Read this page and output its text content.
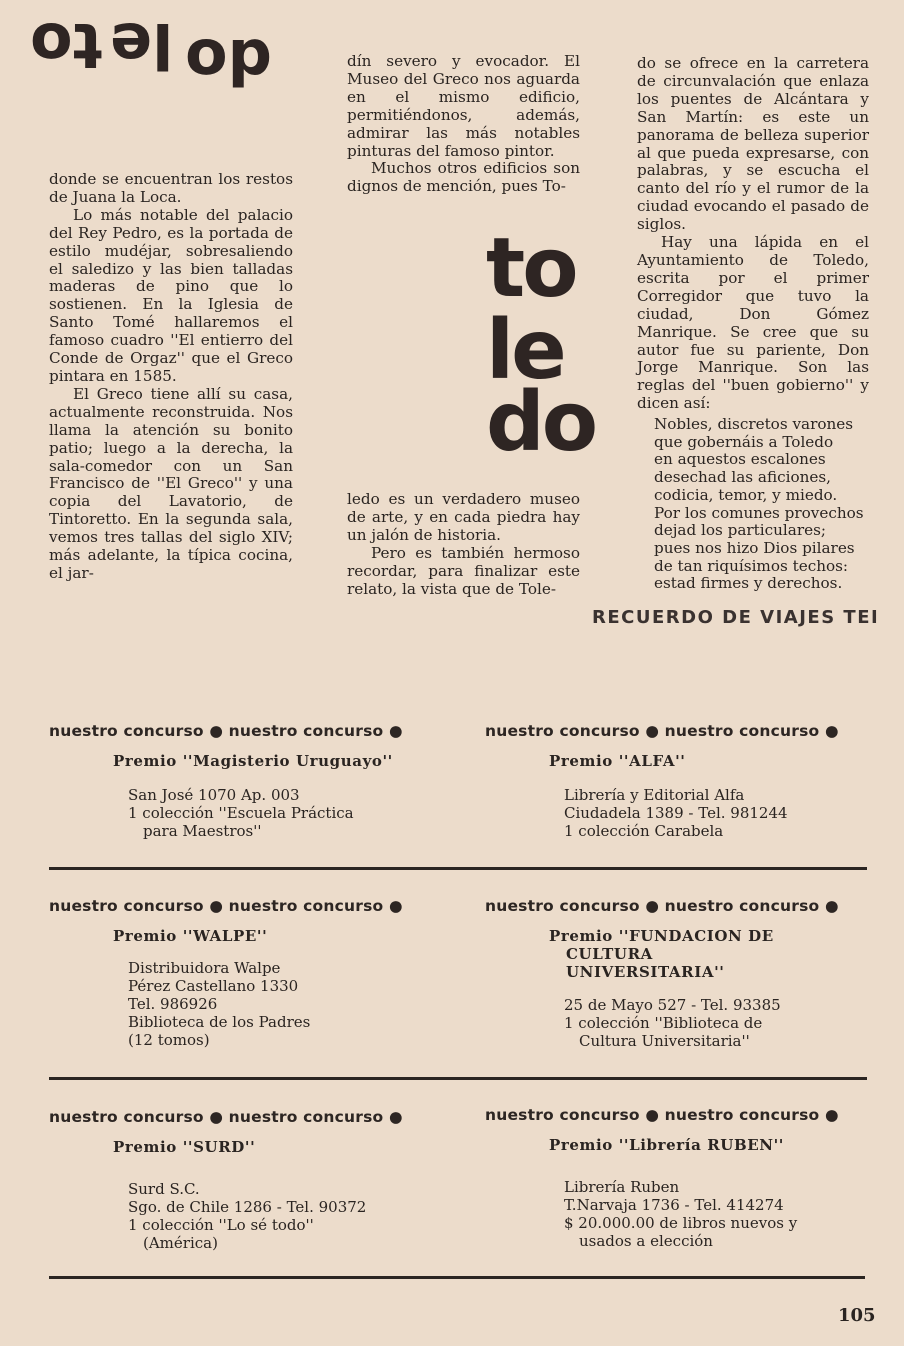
to le do

donde se encuentran los restos de Juana la Loca.

Lo más notable del palacio del Rey Pedro, es la portada de estilo mudéjar, sobresaliendo el saledizo y las bien talladas maderas de pino que lo sostienen. En la Iglesia de Santo Tomé hallaremos el famoso cuadro ''El entierro del Conde de Orgaz'' que el Greco pintara en 1585.

El Greco tiene allí su casa, actualmente reconstruida. Nos llama la atención su bonito patio; luego a la derecha, la sala-comedor con un San Francisco de ''El Greco'' y una copia del Lavatorio, de Tintoretto. En la segunda sala, vemos tres tallas del siglo XIV; más adelante, la típica cocina, el jar-

dín severo y evocador. El Museo del Greco nos aguarda en el mismo edificio, permitiéndonos, además, admirar las más notables pinturas del famoso pintor.

Muchos otros edificios son dignos de mención, pues To-

to
le
do

ledo es un verdadero museo de arte, y en cada piedra hay un jalón de historia.

Pero es también hermoso recordar, para finalizar este relato, la vista que de Tole-

do se ofrece en la carretera de circunvalación que enlaza los puentes de Alcántara y San Martín: es este un panorama de belleza superior al que pueda expresarse, con palabras, y se escucha el canto del río y el rumor de la ciudad evocando el pasado de siglos.

Hay una lápida en el Ayuntamiento de Toledo, escrita por el primer Corregidor que tuvo la ciudad, Don Gómez Manrique. Se cree que su autor fue su pariente, Don Jorge Manrique. Son las reglas del ''buen gobierno'' y dicen así:

Nobles, discretos varones
que gobernáis a Toledo
en aquestos escalones
desechad las aficiones,
codicia, temor, y miedo.
Por los comunes provechos
dejad los particulares;
pues nos hizo Dios pilares
de tan riquísimos techos:
estad firmes y derechos.
RECUERDO DE VIAJES TEI
nuestro concurso ● nuestro concurso ●
Premio ''Magisterio Uruguayo''
San José 1070 Ap. 003
1 colección ''Escuela Práctica
para Maestros''
nuestro concurso ● nuestro concurso ●
Premio ''ALFA''
Librería y Editorial Alfa
Ciudadela 1389 - Tel. 981244
1 colección Carabela
nuestro concurso ● nuestro concurso ●
Premio ''WALPE''
Distribuidora Walpe
Pérez Castellano 1330
Tel. 986926
Biblioteca de los Padres
(12 tomos)
nuestro concurso ● nuestro concurso ●
Premio ''FUNDACION DE
CULTURA
UNIVERSITARIA''
25 de Mayo 527 - Tel. 93385
1 colección ''Biblioteca de
Cultura Universitaria''
nuestro concurso ● nuestro concurso ●
Premio ''SURD''
Surd S.C.
Sgo. de Chile 1286 - Tel. 90372
1 colección ''Lo sé todo''
(América)
nuestro concurso ● nuestro concurso ●
Premio ''Librería RUBEN''
Librería Ruben
T.Narvaja 1736 - Tel. 414274
$ 20.000.00 de libros nuevos y
usados a elección
105
